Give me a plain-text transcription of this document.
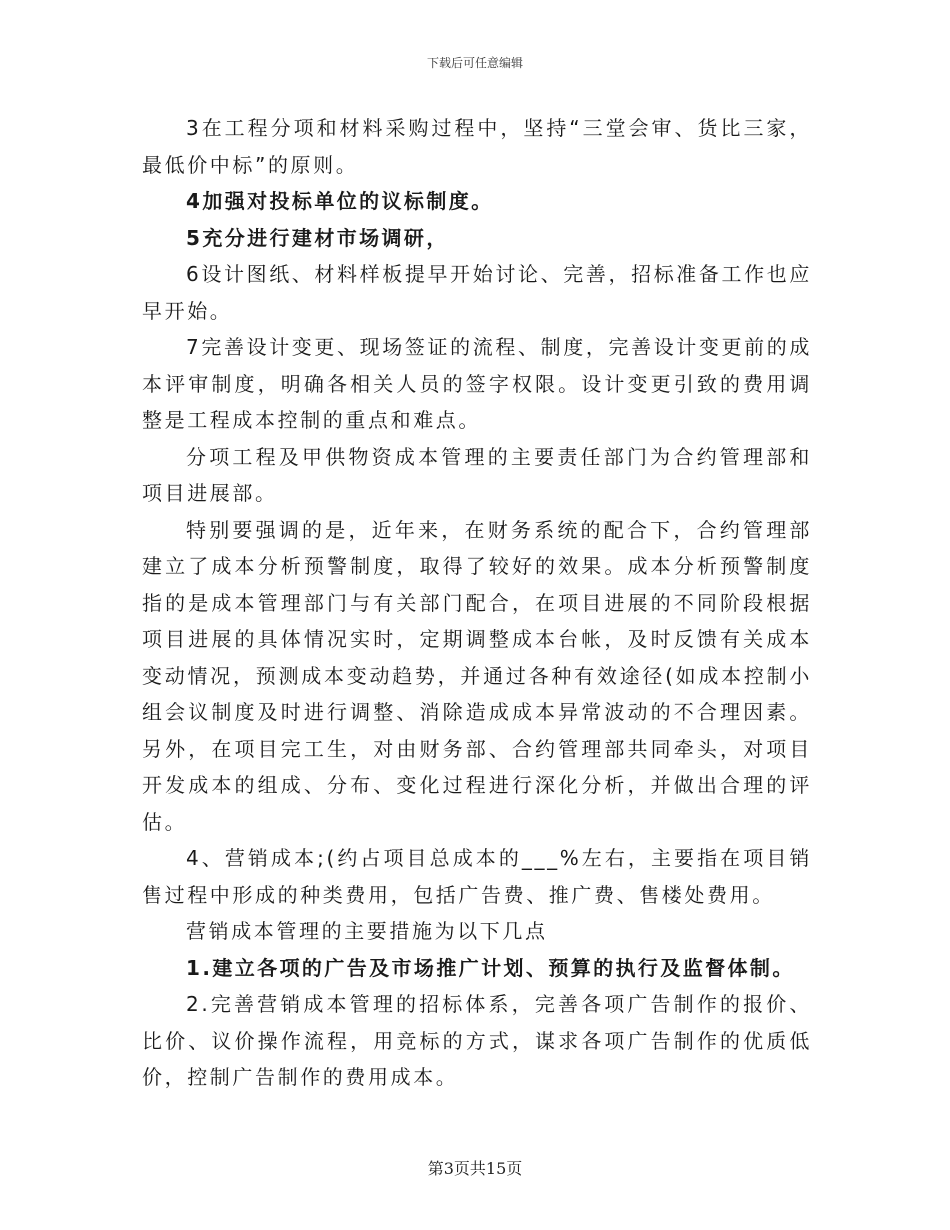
下载后可任意编辑

3在工程分项和材料采购过程中，坚持“三堂会审、货比三家，最低价中标”的原则。

4加强对投标单位的议标制度。

5充分进行建材市场调研，

6设计图纸、材料样板提早开始讨论、完善，招标准备工作也应早开始。

7完善设计变更、现场签证的流程、制度，完善设计变更前的成本评审制度，明确各相关人员的签字权限。设计变更引致的费用调整是工程成本控制的重点和难点。

分项工程及甲供物资成本管理的主要责任部门为合约管理部和项目进展部。

特别要强调的是，近年来，在财务系统的配合下，合约管理部建立了成本分析预警制度，取得了较好的效果。成本分析预警制度指的是成本管理部门与有关部门配合，在项目进展的不同阶段根据项目进展的具体情况实时，定期调整成本台帐，及时反馈有关成本变动情况，预测成本变动趋势，并通过各种有效途径(如成本控制小组会议制度及时进行调整、消除造成成本异常波动的不合理因素。另外，在项目完工生，对由财务部、合约管理部共同牵头，对项目开发成本的组成、分布、变化过程进行深化分析，并做出合理的评估。

4、营销成本;(约占项目总成本的___%左右，主要指在项目销售过程中形成的种类费用，包括广告费、推广费、售楼处费用。

营销成本管理的主要措施为以下几点

1.建立各项的广告及市场推广计划、预算的执行及监督体制。

2.完善营销成本管理的招标体系，完善各项广告制作的报价、比价、议价操作流程，用竞标的方式，谋求各项广告制作的优质低价，控制广告制作的费用成本。

第3页共15页
